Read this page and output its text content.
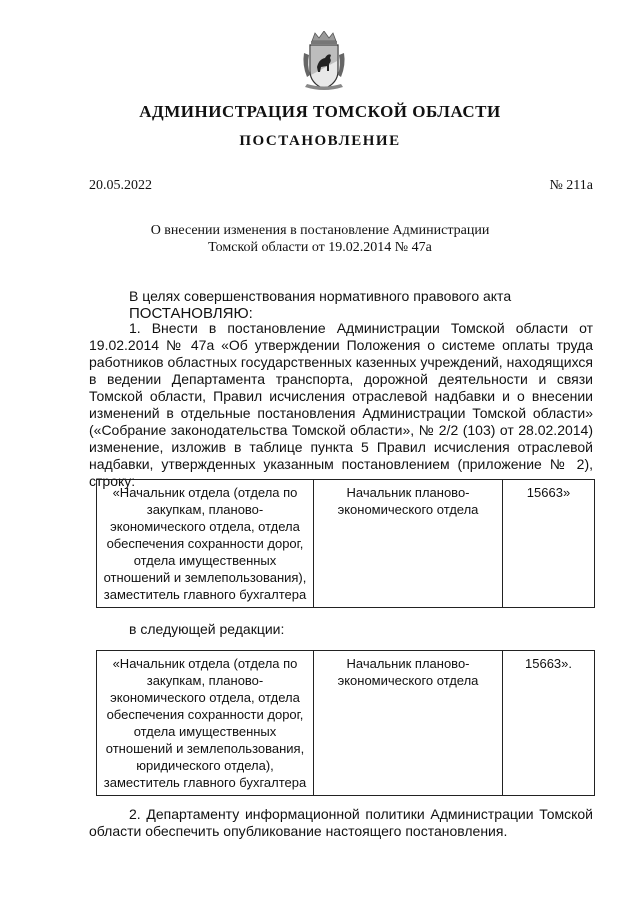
АДМИНИСТРАЦИЯ ТОМСКОЙ ОБЛАСТИ
ПОСТАНОВЛЕНИЕ
20.05.2022	№ 211а
О внесении изменения в постановление Администрации
Томской области от 19.02.2014 № 47а
В целях совершенствования нормативного правового акта
ПОСТАНОВЛЯЮ:
1. Внести в постановление Администрации Томской области от 19.02.2014 № 47а «Об утверждении Положения о системе оплаты труда работников областных государственных казенных учреждений, находящихся в ведении Департамента транспорта, дорожной деятельности и связи Томской области, Правил исчисления отраслевой надбавки и о внесении изменений в отдельные постановления Администрации Томской области» («Собрание законодательства Томской области», № 2/2 (103) от 28.02.2014) изменение, изложив в таблице пункта 5 Правил исчисления отраслевой надбавки, утвержденных указанным постановлением (приложение № 2), строку:
«Начальник отдела (отдела по закупкам, планово-экономического отдела, отдела обеспечения сохранности дорог, отдела имущественных отношений и землепользования), заместитель главного бухгалтера	Начальник планово-экономического отдела	15663»
в следующей редакции:
«Начальник отдела (отдела по закупкам, планово-экономического отдела, отдела обеспечения сохранности дорог, отдела имущественных отношений и землепользования, юридического отдела), заместитель главного бухгалтера	Начальник планово-экономического отдела	15663».
2. Департаменту информационной политики Администрации Томской области обеспечить опубликование настоящего постановления.
